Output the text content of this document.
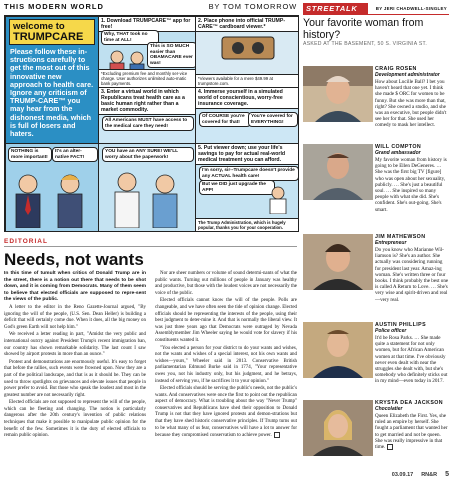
THIS MODERN WORLD	BY TOM TOMORROW
welcome to
TRUMPCARE
Please follow these in-structions carefully to get the most out of this innovative new approach to health care. Ignore any criticism of TRUMP-CARE™ you may hear from the dishonest media, which is full of losers and haters.
1. Download TRUMPCARE™ app for free!
Why, THAT took no time at ALL!
This is SO MUCH easier than OBAMACARE ever was!
*Excluding premium fee and monthly ser-vice charge. User authorizes unlimited auto-matic bank payments.
2. Place phone into official TRUMP-CARE™ cardboard viewer.*
*Viewers available for a mere $49.99 at trumpstore.com.
3. Enter a virtual world in which Republicans treat health care as a basic human right rather than a market commodity.
All Americans MUST have access to the medical care they need!
4. Immerse yourself in a simulated world of conscientious, worry-free insurance coverage.
Of COURSE you're covered for that!
You're covered for EVERYTHING!
NOTHING is more important!
It's an alter-native FACT!
YOU have an ANY SURE! WE'LL worry about the paperwork!
5. Put viewer down; use your life's savings to pay for actual real-world medical treatment you can afford.
I'm sorry, sir--Trumpcare doesn't provide any ACTUAL health care!
But we DID just upgrade the APP!
The Trump Administration, which is hugely popular, thanks you for your cooperation.
EDITORIAL
Needs, not wants

In this time of tumult when critics of Donald Trump are in the street, there is a notion out there that needs to be shot down, and it is coming from Democrats. Many of them seem to believe that elected officials are supposed to repre-sent the views of the public.

A letter to the editor in the Reno Gazette-Journal argued, "By ignoring the will of the people, (U.S. Sen. Dean Heller) is building a deficit that will certainly come due. When it does, all the big money on God's green Earth will not help him."

We received a letter reading in part, "Amidst the very public and international outcry against President Trump's recent immigration ban, our country has shown remarkable solidarity. The last count I saw showed by airport protests in more than an ounce."

Protest and demonstrations are enormously useful. It's easy to forget that before the rallies, such events were frowned upon. Now they are a part of the political landscape, and that is as it should be. They can be used to throw spotlights on grievances and elevate issues that people in power prefer to avoid. But those who speak the loudest and most in the greatest number are not necessarily right.

Elected officials are not supposed to represent the will of the people, which can be fleeting and changing. The notion is particularly dangerous after the 20th century's invention of public relations techniques that make it possible to manipulate public opinion for the benefit of the few. Sometimes it is the duty of elected officials to remain public opinion.

Nor are sheer numbers or volume of sound determi-nants of what the public wants. Turning out millions of people in January was healthy and productive, but those with the loudest voices are not necessarily the voice of the public.

Elected officials cannot know the will of the people. Polls are changeable, and we have often seen the tide of opinion change. Elected officials should be representing the interests of the people, using their best judgment to deter-mine it. And that is normally the liberal view. It was just three years ago that Democrats were outraged by Nevada Assemblymember Jim Wheeler saying he would vote for slavery if his constituents wanted it.

"You elected a person for your district to do your wants and wishes, not the wants and wishes of a special interest, not his own wants and wishes—yours," Wheeler said in 2013. Conservative British parliamentarian Edmund Burke said in 1774, "Your representative owes you, not his industry only, but his judgment, and he betrays, instead of serving you, if he sacrifices it to your opinion."

Elected officials should be serving the public's needs, not the public's wants. And conservatives were once the first to point out the republican aspect of democracy. What is troubling about the way "Never Trump" conservatives and Republicans have shed their opposition to Donald Trump is not that they have ignored protests and demon-strations but that they have shed historic conservative principles. If Trump turns out to be what many of us fear, conservatives will have a lot to answer for because they compromised conservatism to achieve power.

STREETALK	BY JERI CHADWELL-SINGLEY
Your favorite woman from history?
ASKED AT THE BASEMENT, 50 S. VIRGINIA ST.
CRAIG ROSEN
Development administrator
How about Lucille Ball? I bet you haven't heard that one yet. I think she made $ ORC for women to be funny. But she was more than that, right? She owned a studio, and she was an executive, but people didn't see her for that. She used her comedy to mask her intellect.
WILL COMPTON
Grand ambassador
My favorite woman from history is going to be Ellen DeGeneres. … She was the first big TV [figure] who was open about her sexuality, publicly. … She's just a beautiful soul. … She inspired so many people with what she did. She's confident. She's out-going. She's smart.
JIM MATHEWSON
Entrepreneur
Do you know who Marianne Wil-liamson is? She's an author. She actually was considering running for president last year. Amaz-ing woman. She's written three or four books. I think probably the best one is called A Return to Love. … She's very wise and spirit-driven and real—very real.
AUSTIN PHILLIPS
Police officer
It'd be Rosa Parks. … She made quite a statement for not only women, but for African American women at that time. I've obviously never even dealt with near the struggles she dealt with, but she's somebody who definitely sticks out in my mind—even today in 2017.
KRYSTA DEA JACKSON
Chocolatier
Queen Elizabeth the First. Yes, she ruled an empire by herself. She fought a parliament that wanted her to get married and not be queen. She was really impressive in that time.
03.09.17 RN&R 5
